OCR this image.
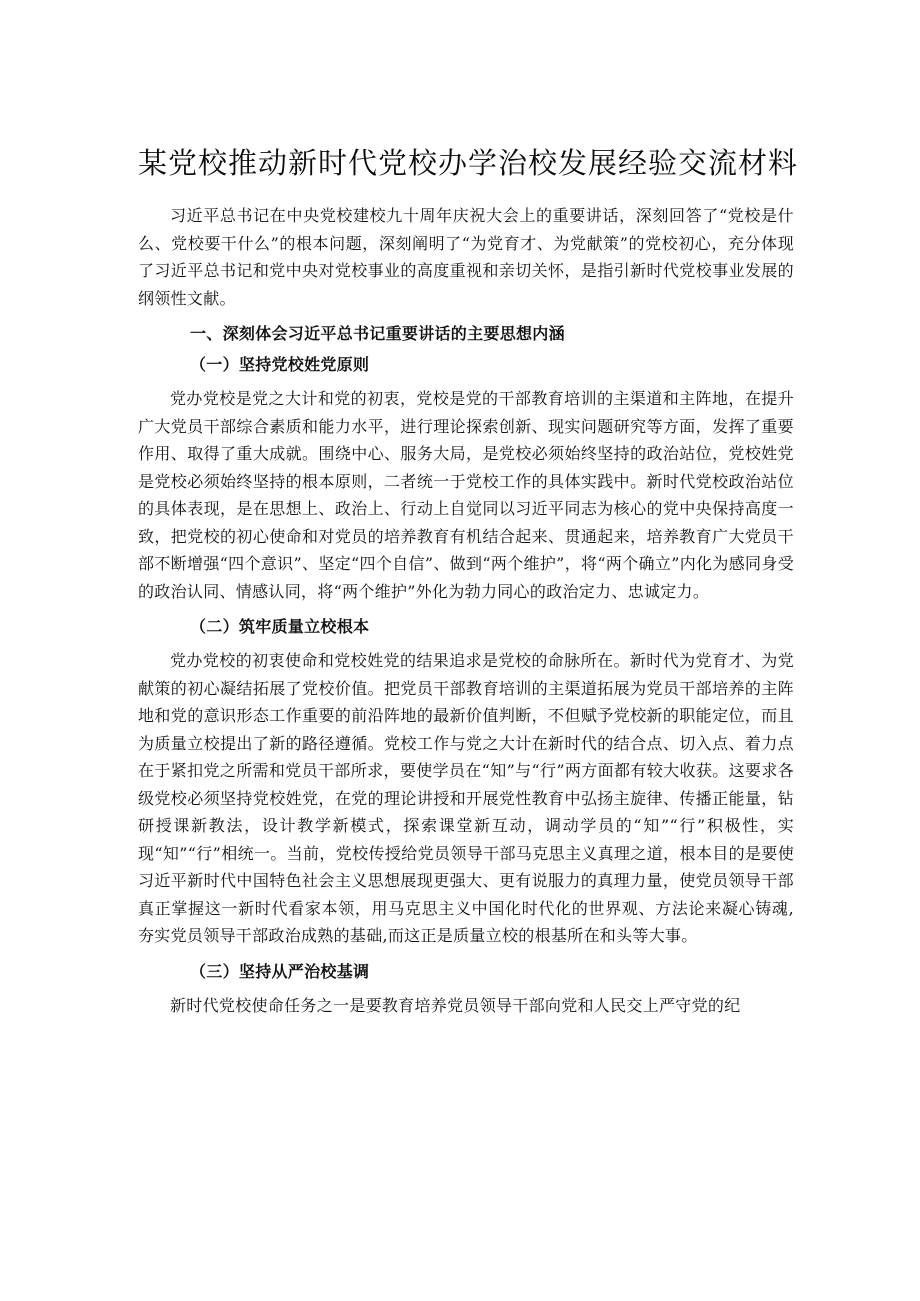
某党校推动新时代党校办学治校发展经验交流材料

习近平总书记在中央党校建校九十周年庆祝大会上的重要讲话，深刻回答了“党校是什么、党校要干什么”的根本问题，深刻阐明了“为党育才、为党献策”的党校初心，充分体现了习近平总书记和党中央对党校事业的高度重视和亲切关怀，是指引新时代党校事业发展的纲领性文献。

一、深刻体会习近平总书记重要讲话的主要思想内涵

（一）坚持党校姓党原则

党办党校是党之大计和党的初衷，党校是党的干部教育培训的主渠道和主阵地，在提升广大党员干部综合素质和能力水平，进行理论探索创新、现实问题研究等方面，发挥了重要作用、取得了重大成就。围绕中心、服务大局，是党校必须始终坚持的政治站位，党校姓党是党校必须始终坚持的根本原则，二者统一于党校工作的具体实践中。新时代党校政治站位的具体表现，是在思想上、政治上、行动上自觉同以习近平同志为核心的党中央保持高度一致，把党校的初心使命和对党员的培养教育有机结合起来、贯通起来，培养教育广大党员干部不断增强“四个意识”、坚定“四个自信”、做到“两个维护”，将“两个确立”内化为感同身受的政治认同、情感认同，将“两个维护”外化为勃力同心的政治定力、忠诚定力。

（二）筑牢质量立校根本

党办党校的初衷使命和党校姓党的结果追求是党校的命脉所在。新时代为党育才、为党献策的初心凝结拓展了党校价值。把党员干部教育培训的主渠道拓展为党员干部培养的主阵地和党的意识形态工作重要的前沿阵地的最新价值判断，不但赋予党校新的职能定位，而且为质量立校提出了新的路径遵循。党校工作与党之大计在新时代的结合点、切入点、着力点在于紧扣党之所需和党员干部所求，要使学员在“知”与“行”两方面都有较大收获。这要求各级党校必须坚持党校姓党，在党的理论讲授和开展党性教育中弘扬主旋律、传播正能量，钻研授课新教法，设计教学新模式，探索课堂新互动，调动学员的“知”“行”积极性，实现“知”“行”相统一。当前，党校传授给党员领导干部马克思主义真理之道，根本目的是要使习近平新时代中国特色社会主义思想展现更强大、更有说服力的真理力量，使党员领导干部真正掌握这一新时代看家本领，用马克思主义中国化时代化的世界观、方法论来凝心铸魂,夯实党员领导干部政治成熟的基础,而这正是质量立校的根基所在和头等大事。

（三）坚持从严治校基调

新时代党校使命任务之一是要教育培养党员领导干部向党和人民交上严守党的纪
